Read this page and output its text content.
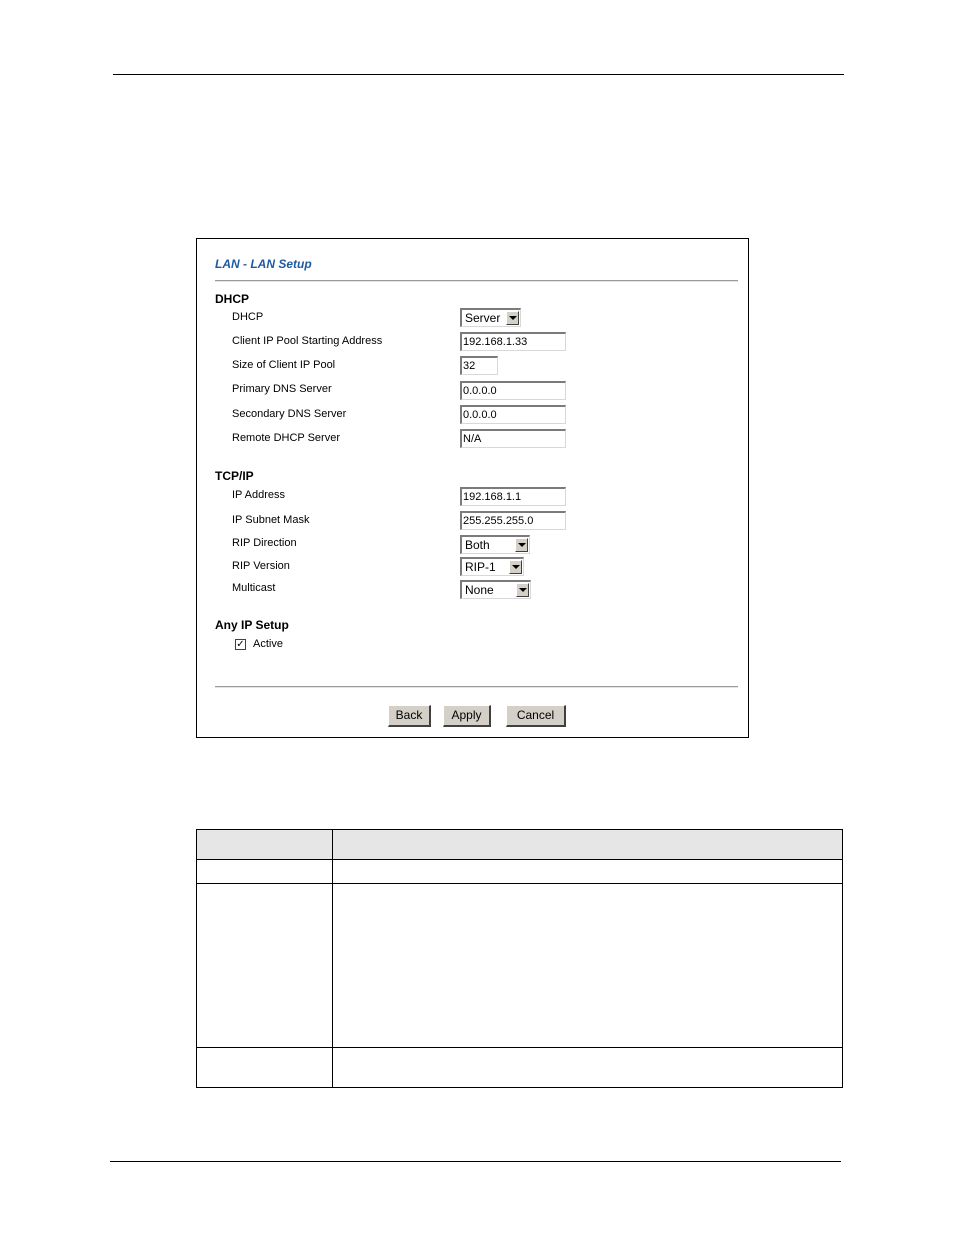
LAN - LAN Setup
DHCP
DHCP	Server
Client IP Pool Starting Address	192.168.1.33
Size of Client IP Pool	32
Primary DNS Server	0.0.0.0
Secondary DNS Server	0.0.0.0
Remote DHCP Server	N/A
TCP/IP
IP Address	192.168.1.1
IP Subnet Mask	255.255.255.0
RIP Direction	Both
RIP Version	RIP-1
Multicast	None
Any IP Setup
✓ Active
Back	Apply	Cancel
